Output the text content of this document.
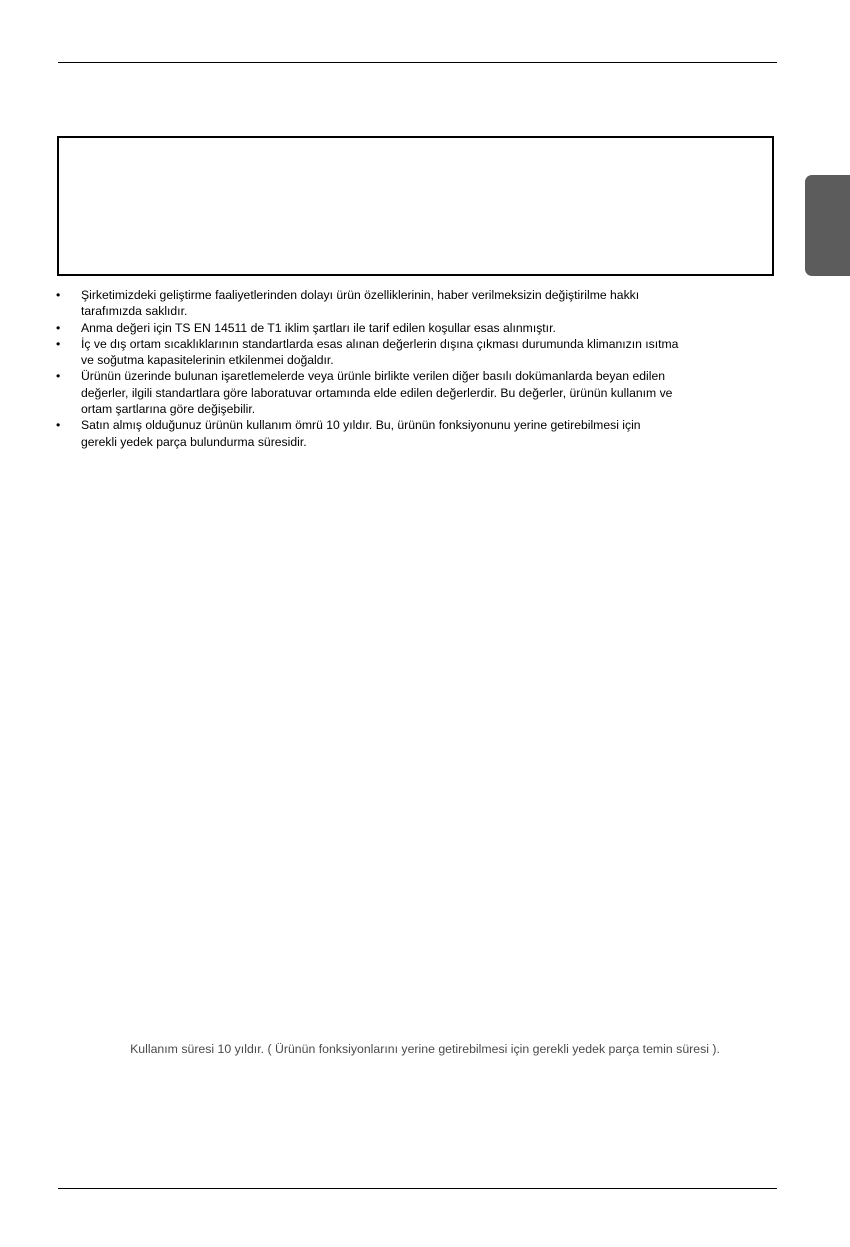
• Şirketimizdeki geliştirme faaliyetlerinden dolayı ürün özelliklerinin, haber verilmeksizin değiştirilme hakkı tarafımızda saklıdır.
• Anma değeri için TS EN 14511 de T1 iklim şartları ile tarif edilen koşullar esas alınmıştır.
• İç ve dış ortam sıcaklıklarının standartlarda esas alınan değerlerin dışına çıkması durumunda klimanızın ısıtma ve soğutma kapasitelerinin etkilenmei doğaldır.
• Ürünün üzerinde bulunan işaretlemelerde veya ürünle birlikte verilen diğer basılı dokümanlarda beyan edilen değerler, ilgili standartlara göre laboratuvar ortamında elde edilen değerlerdir. Bu değerler, ürünün kullanım ve ortam şartlarına göre değişebilir.
• Satın almış olduğunuz ürünün kullanım ömrü 10 yıldır. Bu, ürünün fonksiyonunu yerine getirebilmesi için gerekli yedek parça bulundurma süresidir.
Kullanım süresi 10 yıldır. ( Ürünün fonksiyonlarını yerine getirebilmesi için gerekli yedek parça temin süresi ).
